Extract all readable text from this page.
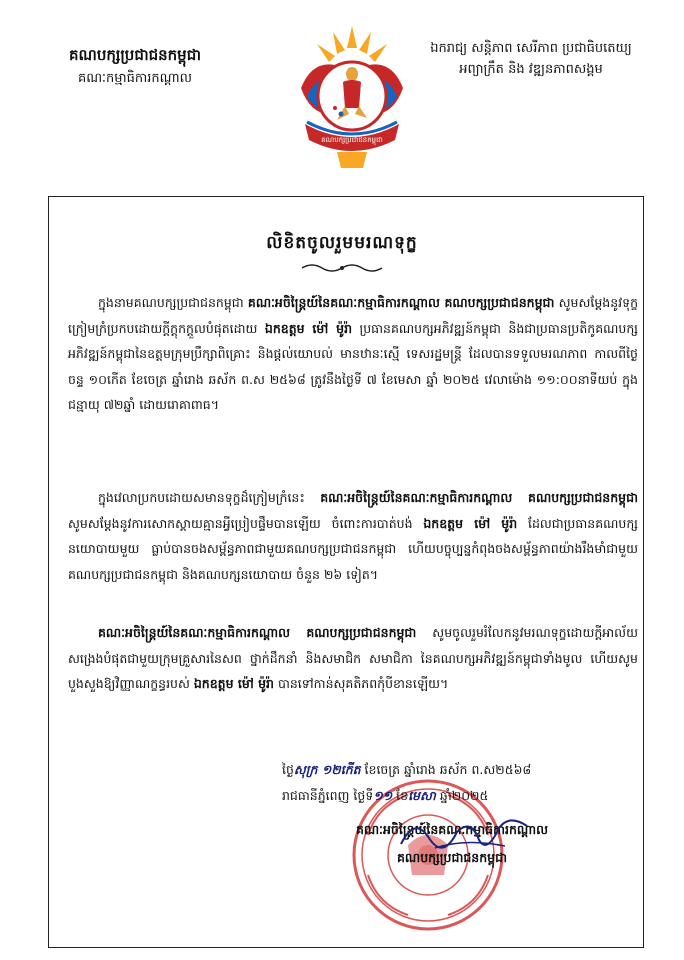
គណបក្សប្រជាជនកម្ពុជា
គណៈកម្មាធិការកណ្តាល
គណបក្សប្រជាជនកម្ពុជា
ឯករាជ្យ សន្តិភាព សេរីភាព ប្រជាធិបតេយ្យ
អព្យាក្រឹត និង វឌ្ឍនភាពសង្គម
លិខិតចូលរួមមរណទុក្ខ
ក្នុងនាមគណបក្សប្រជាជនកម្ពុជា គណៈអចិន្ត្រៃយ៍នៃគណៈកម្មាធិការកណ្តាល គណបក្សប្រជាជនកម្ពុជា សូមសម្តែងនូវទុក្ខក្រៀមក្រំប្រកបដោយក្តីក្តុកក្តួលបំផុតដោយ ឯកឧត្តម ម៉ៅ ម៉ូរ៉ា ប្រធានគណបក្សអភិវឌ្ឍន៍កម្ពុជា និងជាប្រធានប្រតិកូគណបក្សអភិវឌ្ឍន៍កម្ពុជានៃឧត្តមក្រុមប្រឹក្សាពិគ្រោះ និងផ្តល់យោបល់ មានឋានៈស្មើ ទេសរដ្ឋមន្ត្រី ដែលបានទទួលមរណភាព កាលពីថ្ងៃចន្ទ ១០កើត ខែចេត្រ ឆ្នាំរោង ឆស័ក ព.ស ២៥៦៨ ត្រូវនឹងថ្ងៃទី ៧ ខែមេសា ឆ្នាំ ២០២៥ វេលាម៉ោង ១១:០០នាទីយប់ ក្នុងជន្មាយុ ៧២ឆ្នាំ ដោយរោគាពាធ។
ក្នុងវេលាប្រកបដោយសមានទុក្ខដ៏ក្រៀមក្រំនេះ គណៈអចិន្ត្រៃយ៍នៃគណៈកម្មាធិការកណ្តាល គណបក្សប្រជាជនកម្ពុជា សូមសម្តែងនូវការសោកស្តាយគ្មានអ្វីប្រៀបផ្ទឹមបានឡើយ ចំពោះការបាត់បង់ ឯកឧត្តម ម៉ៅ ម៉ូរ៉ា ដែលជាប្រធានគណបក្សនយោបាយមួយ ធ្លាប់បានចងសម្ព័ន្ធភាពជាមួយគណបក្សប្រជាជនកម្ពុជា ហើយបច្ចុប្បន្នកំពុងចងសម្ព័ន្ធភាពយ៉ាងរឹងមាំជាមួយគណបក្សប្រជាជនកម្ពុជា និងគណបក្សនយោបាយ ចំនួន ២៦ ទៀត។
គណៈអចិន្ត្រៃយ៍នៃគណៈកម្មាធិការកណ្តាល គណបក្សប្រជាជនកម្ពុជា សូមចូលរួមរំលែកនូវមរណទុក្ខដោយក្តីអាល័យសង្រេងបំផុតជាមួយក្រុមគ្រួសារនៃសព ថ្នាក់ដឹកនាំ និងសមាជិក សមាជិកា នៃគណបក្សអភិវឌ្ឍន៍កម្ពុជាទាំងមូល ហើយសូមបួងសួងឱ្យវិញ្ញាណក្ខន្ធរបស់ ឯកឧត្តម ម៉ៅ ម៉ូរ៉ា បានទៅកាន់សុគតិភពកុំបីខានឡើយ។
ថ្ងៃសុក្រ ១២កើត ខែចេត្រ ឆ្នាំរោង ឆស័ក ព.ស២៥៦៨
រាជធានីភ្នំពេញ ថ្ងៃទី១១ ខែមេសា ឆ្នាំ២០២៥
គណៈអចិន្ត្រៃយ៍នៃគណៈកម្មាធិការកណ្តាល
គណបក្សប្រជាជនកម្ពុជា
